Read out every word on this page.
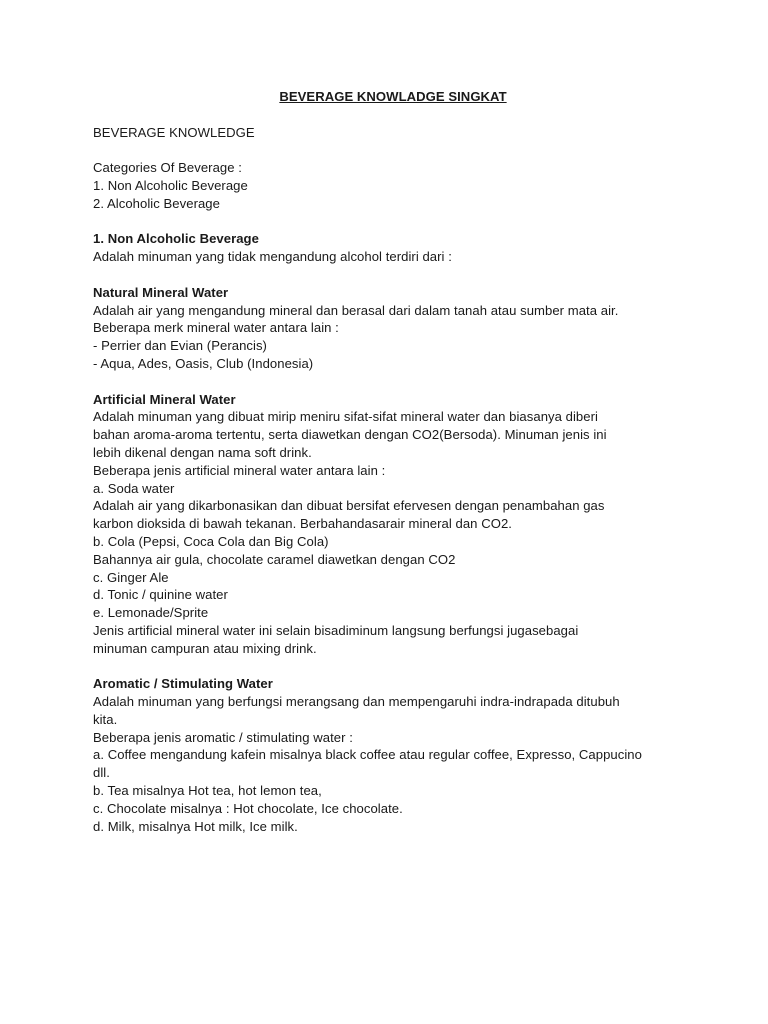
BEVERAGE KNOWLADGE SINGKAT

BEVERAGE KNOWLEDGE

Categories Of Beverage :

1. Non Alcoholic Beverage

2. Alcoholic Beverage

1. Non Alcoholic Beverage

Adalah minuman yang tidak mengandung alcohol terdiri dari :

Natural Mineral Water

Adalah air yang mengandung mineral dan berasal dari dalam tanah atau sumber mata air.

Beberapa merk mineral water antara lain :

- Perrier dan Evian (Perancis)

- Aqua, Ades, Oasis, Club (Indonesia)

Artificial Mineral Water

Adalah minuman yang dibuat mirip meniru sifat-sifat mineral water dan biasanya diberi

bahan aroma-aroma tertentu, serta diawetkan dengan CO2(Bersoda). Minuman jenis ini

lebih dikenal dengan nama soft drink.

Beberapa jenis artificial mineral water antara lain :

a. Soda water

Adalah air yang dikarbonasikan dan dibuat bersifat efervesen dengan penambahan gas

karbon dioksida di bawah tekanan. Berbahandasarair mineral dan CO2.

b. Cola (Pepsi, Coca Cola dan Big Cola)

Bahannya air gula, chocolate caramel diawetkan dengan CO2

c. Ginger Ale

d. Tonic / quinine water

e. Lemonade/Sprite

Jenis artificial mineral water ini selain bisadiminum langsung berfungsi jugasebagai

minuman campuran atau mixing drink.

Aromatic / Stimulating Water

Adalah minuman yang berfungsi merangsang dan mempengaruhi indra-indrapada ditubuh

kita.

Beberapa jenis aromatic / stimulating water :

a. Coffee mengandung kafein misalnya black coffee atau regular coffee, Expresso, Cappucino

dll.

b. Tea misalnya Hot tea, hot lemon tea,

c. Chocolate misalnya : Hot chocolate, Ice chocolate.

d. Milk, misalnya Hot milk, Ice milk.
